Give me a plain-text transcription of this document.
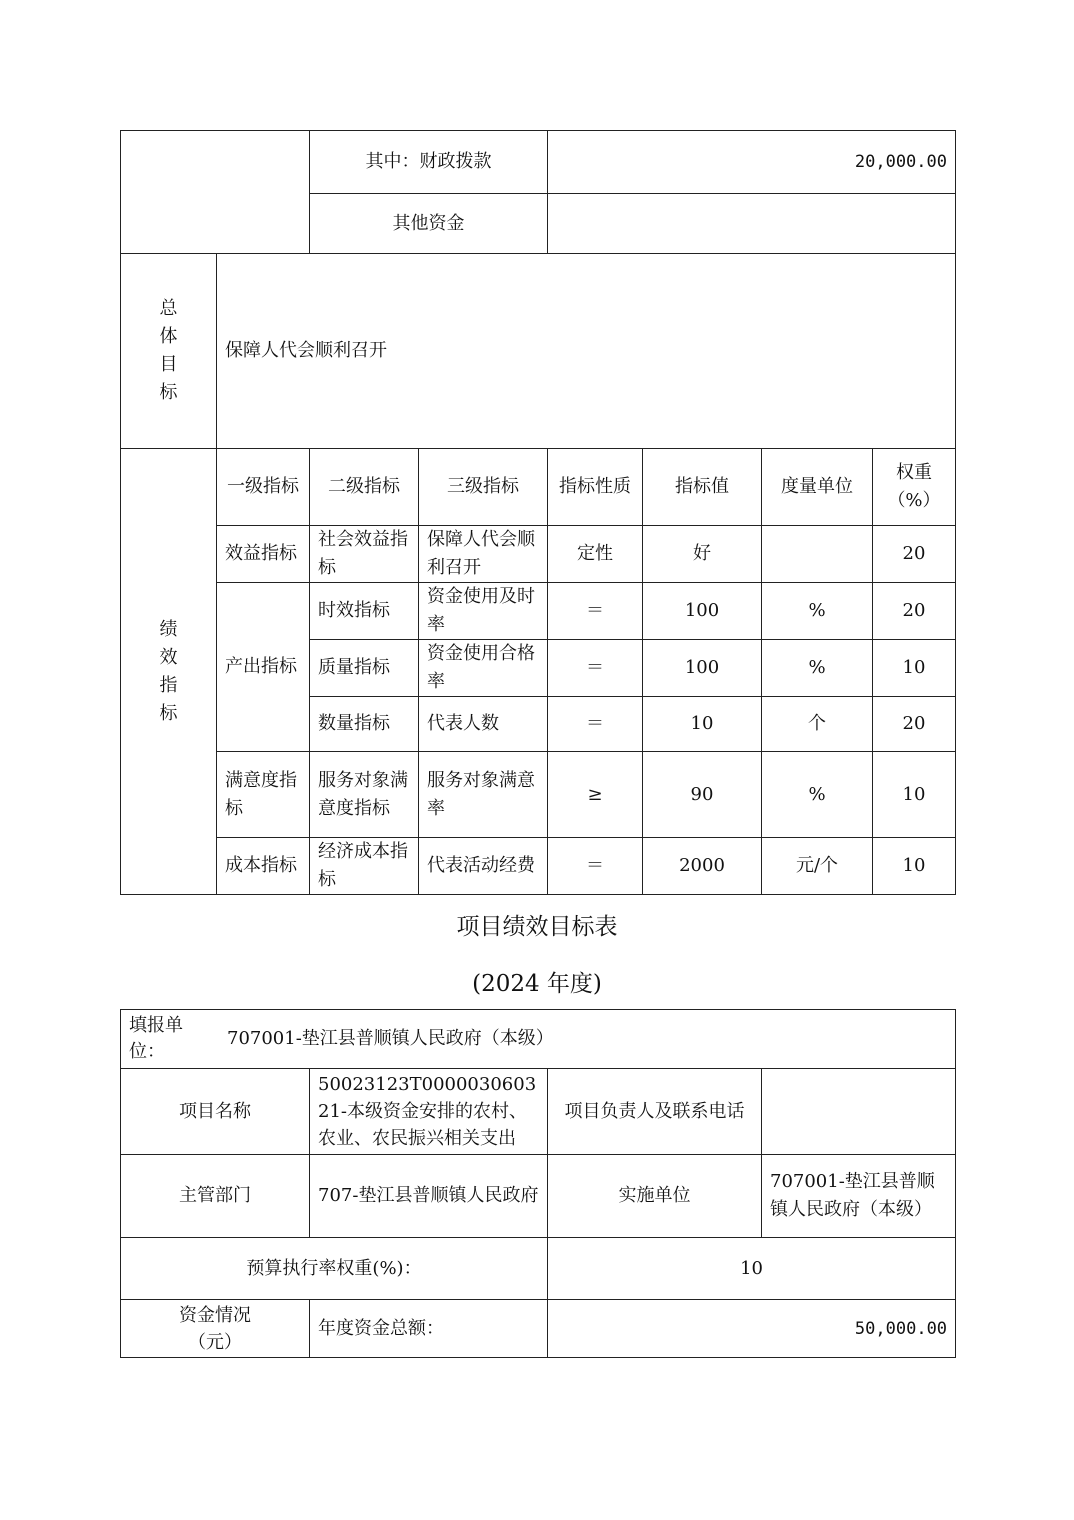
		其中：财政拨款		20,000.00			
		其他资金					

总体目标	保障人代会顺利召开						

绩效指标	一级指标	二级指标	三级指标	指标性质	指标值	度量单位	权重（%）
	效益指标	社会效益指标	保障人代会顺利召开	定性	好		20
	产出指标	时效指标	资金使用及时率	＝	100	%	20
		质量指标	资金使用合格率	＝	100	%	10
		数量指标	代表人数	＝	10	个	20
	满意度指标	服务对象满意度指标	服务对象满意率	≥	90	%	10
	成本指标	经济成本指标	代表活动经费	＝	2000	元/个	10
项目绩效目标表
(2024 年度)
填报单位：
707001-垫江县普顺镇人民政府（本级）			

项目名称	50023123T000003060321-本级资金安排的农村、农业、农民振兴相关支出	项目负责人及联系电话	
主管部门	707-垫江县普顺镇人民政府	实施单位	707001-垫江县普顺镇人民政府（本级）
预算执行率权重(%)：		10	
资金情况（元）	年度资金总额：	50,000.00	
